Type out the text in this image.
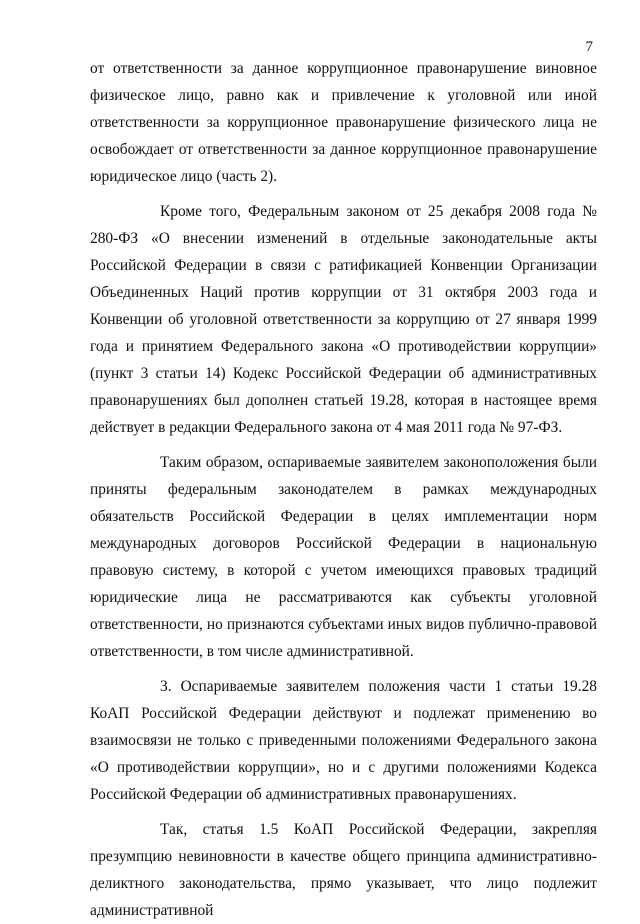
7

от ответственности за данное коррупционное правонарушение виновное физическое лицо, равно как и привлечение к уголовной или иной ответственности за коррупционное правонарушение физического лица не освобождает от ответственности за данное коррупционное правонарушение юридическое лицо (часть 2).

Кроме того, Федеральным законом от 25 декабря 2008 года № 280-ФЗ «О внесении изменений в отдельные законодательные акты Российской Федерации в связи с ратификацией Конвенции Организации Объединенных Наций против коррупции от 31 октября 2003 года и Конвенции об уголовной ответственности за коррупцию от 27 января 1999 года и принятием Федерального закона «О противодействии коррупции» (пункт 3 статьи 14) Кодекс Российской Федерации об административных правонарушениях был дополнен статьей 19.28, которая в настоящее время действует в редакции Федерального закона от 4 мая 2011 года № 97-ФЗ.

Таким образом, оспариваемые заявителем законоположения были приняты федеральным законодателем в рамках международных обязательств Российской Федерации в целях имплементации норм международных договоров Российской Федерации в национальную правовую систему, в которой с учетом имеющихся правовых традиций юридические лица не рассматриваются как субъекты уголовной ответственности, но признаются субъектами иных видов публично-правовой ответственности, в том числе административной.

3. Оспариваемые заявителем положения части 1 статьи 19.28 КоАП Российской Федерации действуют и подлежат применению во взаимосвязи не только с приведенными положениями Федерального закона «О противодействии коррупции», но и с другими положениями Кодекса Российской Федерации об административных правонарушениях.

Так, статья 1.5 КоАП Российской Федерации, закрепляя презумпцию невиновности в качестве общего принципа административно-деликтного законодательства, прямо указывает, что лицо подлежит административной
